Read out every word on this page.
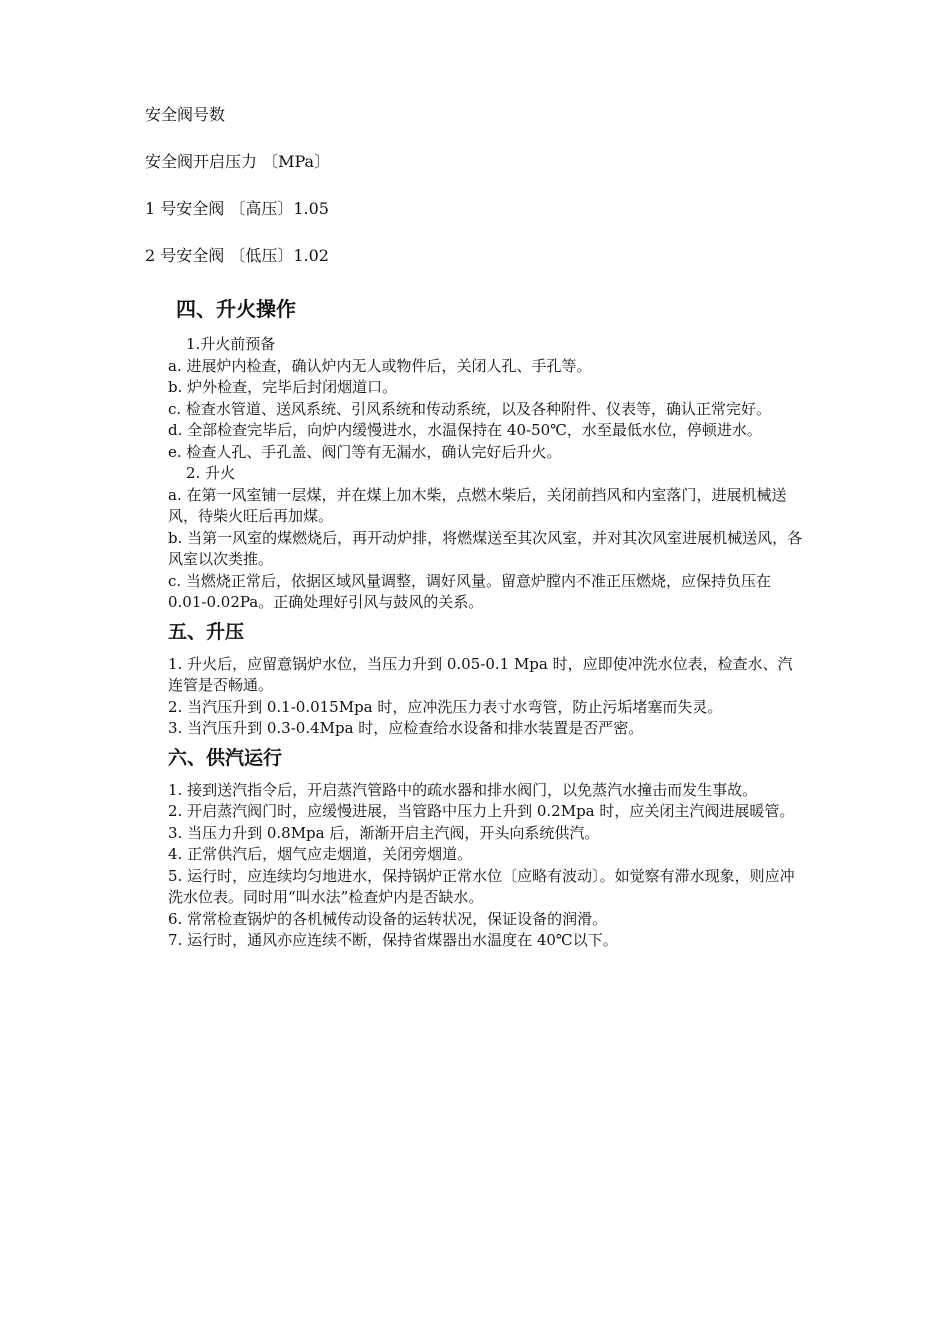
安全阀号数
安全阀开启压力 〔MPa〕
1 号安全阀 〔高压〕1.05
2 号安全阀 〔低压〕1.02
四、升火操作

1.升火前预备

a. 进展炉内检查，确认炉内无人或物件后，关闭人孔、手孔等。

b. 炉外检查，完毕后封闭烟道口。

c. 检查水管道、送风系统、引风系统和传动系统，以及各种附件、仪表等，确认正常完好。

d. 全部检查完毕后，向炉内缓慢进水，水温保持在 40-50℃，水至最低水位，停顿进水。

e. 检查人孔、手孔盖、阀门等有无漏水，确认完好后升火。

2. 升火

a. 在第一风室铺一层煤，并在煤上加木柴，点燃木柴后，关闭前挡风和内室落门，进展机械送风，待柴火旺后再加煤。

b. 当第一风室的煤燃烧后，再开动炉排，将燃煤送至其次风室，并对其次风室进展机械送风，各风室以次类推。

c. 当燃烧正常后，依据区域风量调整，调好风量。留意炉膛内不准正压燃烧，应保持负压在 0.01-0.02Pa。正确处理好引风与鼓风的关系。

五、升压

1. 升火后，应留意锅炉水位，当压力升到 0.05-0.1 Mpa 时，应即使冲洗水位表，检查水、汽连管是否畅通。

2. 当汽压升到 0.1-0.015Mpa 时，应冲洗压力表寸水弯管，防止污垢堵塞而失灵。

3. 当汽压升到 0.3-0.4Mpa 时，应检查给水设备和排水装置是否严密。

六、供汽运行

1. 接到送汽指令后，开启蒸汽管路中的疏水器和排水阀门，以免蒸汽水撞击而发生事故。

2. 开启蒸汽阀门时，应缓慢进展，当管路中压力上升到 0.2Mpa 时，应关闭主汽阀进展暖管。

3. 当压力升到 0.8Mpa 后，渐渐开启主汽阀，开头向系统供汽。

4. 正常供汽后，烟气应走烟道，关闭旁烟道。

5. 运行时，应连续均匀地进水，保持锅炉正常水位〔应略有波动〕。如觉察有滞水现象，则应冲洗水位表。同时用“叫水法”检查炉内是否缺水。

6. 常常检查锅炉的各机械传动设备的运转状况，保证设备的润滑。

7. 运行时，通风亦应连续不断，保持省煤器出水温度在 40℃以下。
